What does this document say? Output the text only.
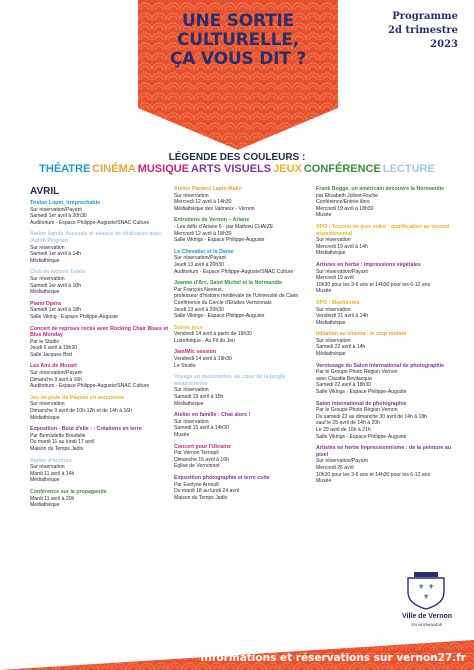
UNE SORTIE
CULTURELLE,
ÇA VOUS DIT ?
Programme
2d trimestre
2023
LÉGENDE DES COULEURS :
THÉATRE CINÉMA MUSIQUE ARTS VISUELS JEUX CONFÉRENCE LECTURE
AVRIL
Tristan Lopin, Irréprochable
Sur réservation/Payant
Samedi 1er avril à 20h30
Auditorium - Espace Philippe-Auguste/SNAC Culture
Atelier bande dessinée et séance de dédicaces avec Judith Peignen
Sur réservation
Samedi 1er avril à 14h
Médiathèque
Club de lecture Tulalu
Sur réservation
Samedi 1er avril à 10h
Médiathèque
Piano'Opéra
Samedi 1er avril à 18h
Salle Viking - Espace Philippe-Auguste
Concert de reprises rocks avec Rocking Chair Blues et Blue Monday
Par le Studio
Jeudi 6 avril à 19h30
Salle Jacques Brel
Les Airs de Mozart
Sur réservation/Payant
Dimanche 9 avril à 16h
Auditorium - Espace Philippe-Auguste/SNAC Culture
Jeu de piste de Pâques en autonomie
Sur réservation
Dimanche 9 avril de 10h-12h et de 14h à 16h
Médiathèque
Exposition - Bout d'elle - : Créations en terre
Par Bernadette Boudelle
Du mardi 11 au lundi 17 avril
Maison du Temps Jadis
Atelier d'écriture
Sur réservation
Mardi 11 avril à 14h
Médiathèque
Conférence sur la propagande
Mardi 11 avril à 20h
Médiathèque
Atelier Paniers Lapin Malin
Sur réservation
Mercredi 12 avril à 14h30
Médiathèque des Valmeux - Vernon
Entretiens de Vernon – Ariane
- Les défis d'Ariane 6 - par Mathieu CHAIZE
Mercredi 12 avril à 18h30
Salle Vikings - Espace Philippe-Auguste
Le Chevalier et la Dame
Sur réservation/Payant
Jeudi 13 avril à 20h30
Auditorium - Espace Philippe-Auguste/SNAC Culture
Jeanne d'Arc, Saint Michel et la Normandie
Par François Neveux,
professeur d'histoire médiévale de l'Université de Caen
Conférence du Cercle d'Etudes Vernonnais
Jeudi 13 avril à 20h30
Salle Vikings - Espace Philippe-Auguste
Soirée jeux
Vendredi 14 avril à partir de 19h30
Ludothèque - Au Fil du Jeu
Jam/Mic session
Vendredi 14 avril à 19h30
Le Studio
Voyage en musicontes, au cœur de la jungle amazonienne
Sur réservation
Samedi 15 avril à 15h
Médiathèque
Atelier en famille : Chat alors !
Sur réservation
Samedi 15 avril à 14h30
Musée
Concert pour l'Ukraine
Par Vernon Ternopil
Dimanche 16 avril à 16h
Église de Vernonnet
Exposition photographie et terre cuite
Par Evelyne Arnoult
Du mardi 18 au lundi 24 avril
Maison du Temps Jadis
Frank Boggs, un américain découvre la Normandie
par Elisabeth Jolivet-Roche
Conférence/Entrée libre
Mercredi 19 avril à 18h30
Musée
XPO : Tournoi de jeux vidéo : qualification au tournoi départemental
Sur réservation
Mercredi 19 avril à 14h
Médiathèque
Artistes en herbe : Impressions végétales
Sur réservation/Payant
Mercredi 19 avril
10h30 pour les 3-6 ans et 14h30 pour les 6-12 ans
Musée
XPO : Machinima
Sur réservation
Vendredi 21 avril à 14h
Médiathèque
Initiation au cinéma : le stop motion
Sur réservation
Samedi 22 avril à 14h
Médiathèque
Vernissage du Salon International de photographie
Par le Groupe Photo Région Vernon
avec Claudia Bevilacqua
Samedi 22 avril à 18h30
Salle Vikings - Espace Philippe-Auguste
Salon international de photographie
Par le Groupe Photo Région Vernon
Du samedi 22 au dimanche 30 avril de 14h à 18h
sauf le 25 avril de 14h à 20h
Le 29 avril de 16h à 21h
Salle Vikings - Espace Philippe-Auguste
Artistes en herbe Impressionnisme : de la peinture au pixel
Sur réservation/Payant
Mercredi 26 avril
10h30 pour les 3-6 ans et 14h30 pour les 6-12 ans
Musée
⚜ ⚜
⚜
Ville de Vernon
EN NORMANDIE
Informations et réservations sur vernon27.fr
